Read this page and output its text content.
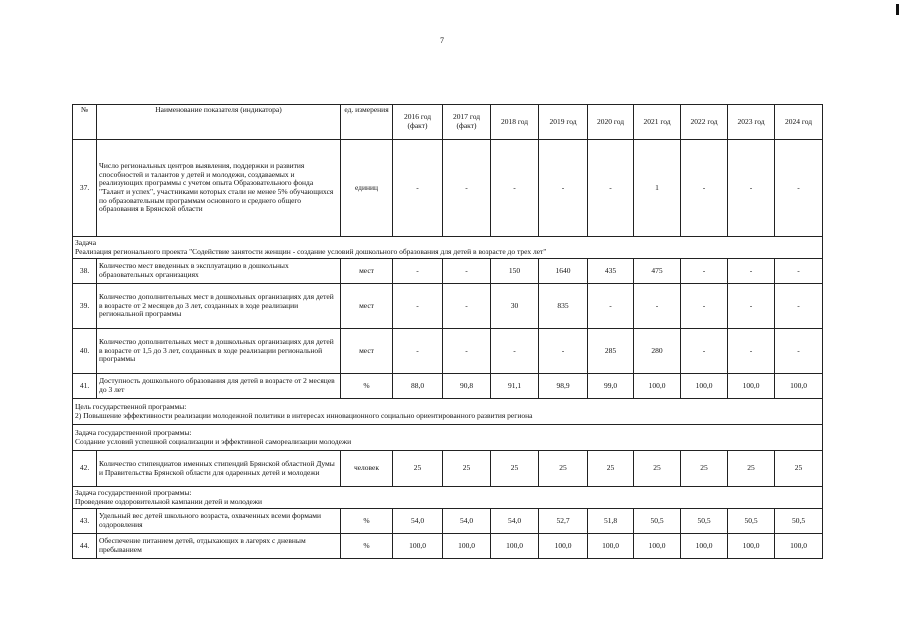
7
№	Наименование показателя (индикатора)	ед. измерения	2016 год (факт)	2017 год (факт)	2018 год	2019 год	2020 год	2021 год	2022 год	2023 год	2024 год
37.	Число региональных центров выявления, поддержки и развития способностей и талантов у детей и молодежи, создаваемых и реализующих программы с учетом опыта Образовательного фонда "Талант и успех", участниками которых стали не менее 5% обучающихся по образовательным программам основного и среднего общего образования в Брянской области	единиц	-	-	-	-	-	1	-	-	-

Задача
Реализация регионального проекта "Содействие занятости женщин - создание условий дошкольного образования для детей в возрасте до трех лет"											

38.	Количество мест введенных в эксплуатацию в дошкольных образовательных организациях	мест	-	-	150	1640	435	475	-	-	-
39.	Количество дополнительных мест в дошкольных организациях для детей в возрасте от 2 месяцев до 3 лет, созданных в ходе реализации региональной программы	мест	-	-	30	835	-	-	-	-	-
40.	Количество дополнительных мест в дошкольных организациях для детей в возрасте от 1,5 до 3 лет, созданных в ходе реализации региональной программы	мест	-	-	-	-	285	280	-	-	-
41.	Доступность дошкольного образования для детей в возрасте от 2 месяцев до 3 лет	%	88,0	90,8	91,1	98,9	99,0	100,0	100,0	100,0	100,0

Цель государственной программы:
2) Повышение эффективности реализации молодежной политики в интересах инновационного социально ориентированного развития региона											

Задача государственной программы:
Создание условий успешной социализации и эффективной самореализации молодежи											

42.	Количество стипендиатов именных стипендий Брянской областной Думы и Правительства Брянской области для одаренных детей и молодежи	человек	25	25	25	25	25	25	25	25	25

Задача государственной программы:
Проведение оздоровительной кампании детей и молодежи											

43.	Удельный вес детей школьного возраста, охваченных всеми формами оздоровления	%	54,0	54,0	54,0	52,7	51,8	50,5	50,5	50,5	50,5
44.	Обеспечение питанием детей, отдыхающих в лагерях с дневным пребыванием	%	100,0	100,0	100,0	100,0	100,0	100,0	100,0	100,0	100,0
